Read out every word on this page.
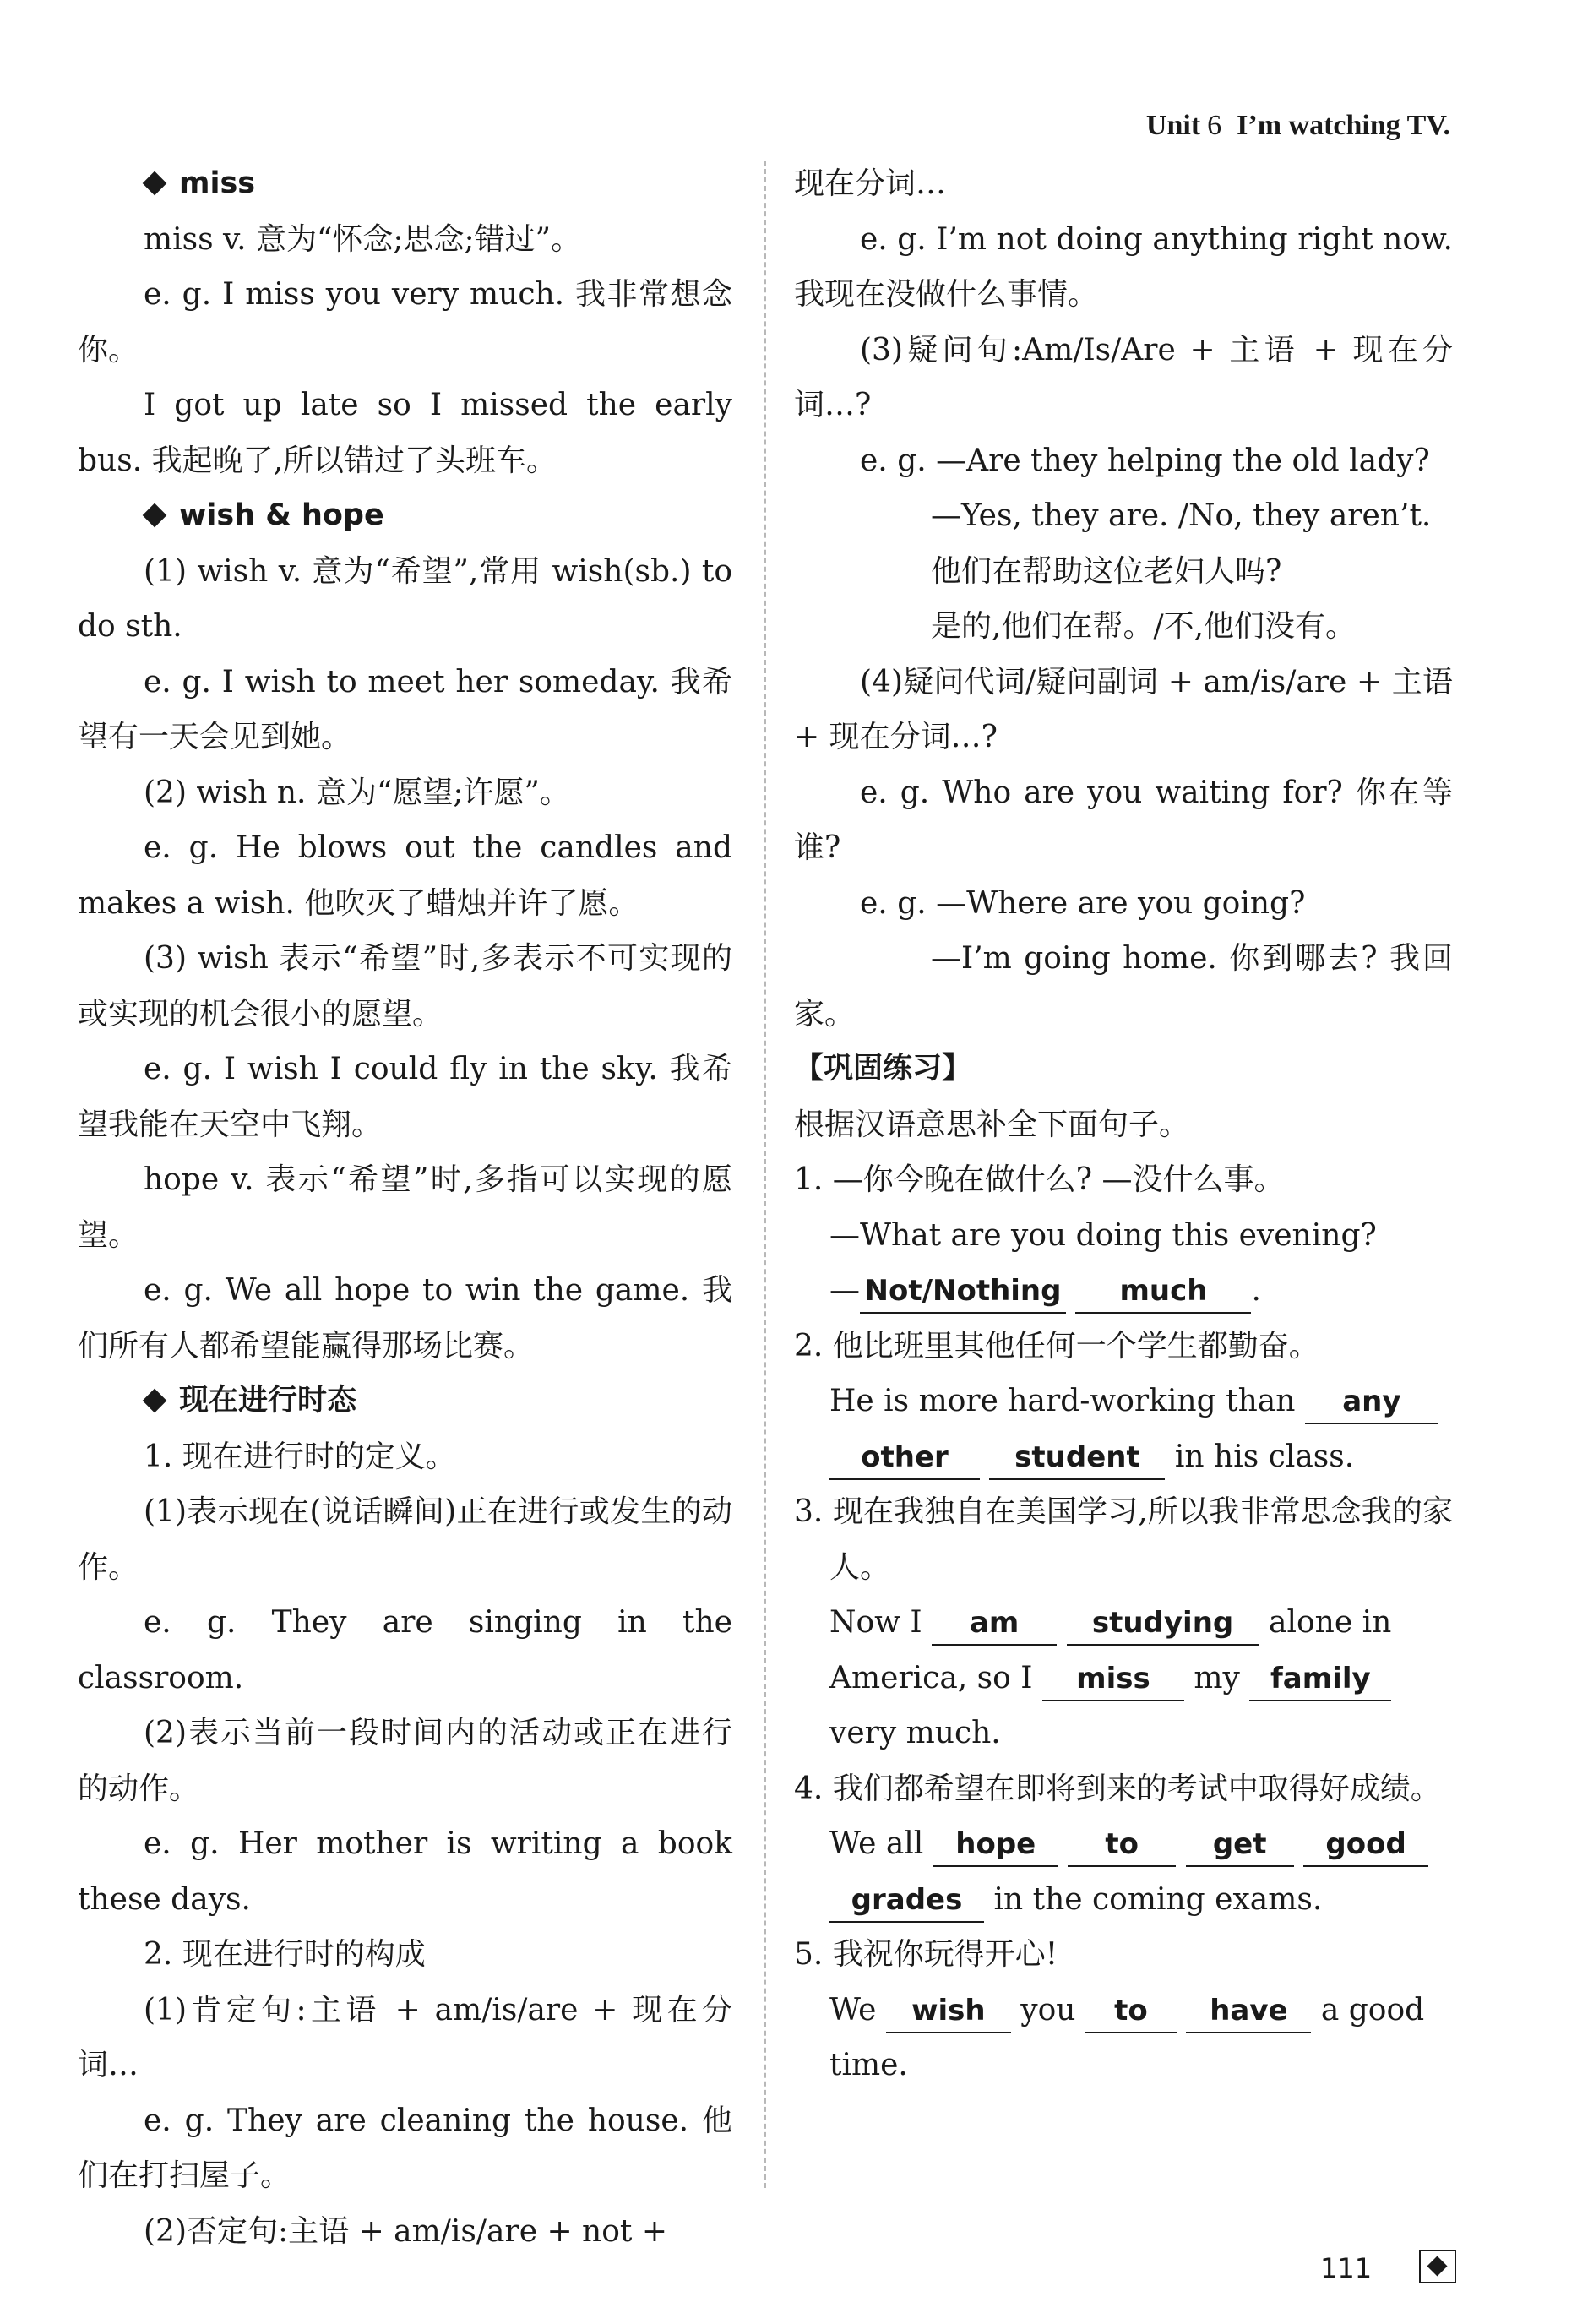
Unit 6 I’m watching TV.

miss

miss v. 意为“怀念;思念;错过”。

e. g. I miss you very much. 我非常想念你。

I got up late so I missed the early bus. 我起晚了,所以错过了头班车。

wish & hope

(1) wish v. 意为“希望”,常用 wish(sb.) to do sth.

e. g. I wish to meet her someday. 我希望有一天会见到她。

(2) wish n. 意为“愿望;许愿”。

e. g. He blows out the candles and makes a wish. 他吹灭了蜡烛并许了愿。

(3) wish 表示“希望”时,多表示不可实现的或实现的机会很小的愿望。

e. g. I wish I could fly in the sky. 我希望我能在天空中飞翔。

hope v. 表示“希望”时,多指可以实现的愿望。

e. g. We all hope to win the game. 我们所有人都希望能赢得那场比赛。

现在进行时态

1. 现在进行时的定义。

(1)表示现在(说话瞬间)正在进行或发生的动作。

e. g. They are singing in the classroom.

(2)表示当前一段时间内的活动或正在进行的动作。

e. g. Her mother is writing a book these days.

2. 现在进行时的构成

(1)肯定句:主语 + am/is/are + 现在分词…

e. g. They are cleaning the house. 他们在打扫屋子。

(2)否定句:主语 + am/is/are + not +

现在分词…

e. g. I’m not doing anything right now. 我现在没做什么事情。

(3)疑问句:Am/Is/Are + 主语 + 现在分词…?

e. g. —Are they helping the old lady?

—Yes, they are. /No, they aren’t.

他们在帮助这位老妇人吗?

是的,他们在帮。/不,他们没有。

(4)疑问代词/疑问副词 + am/is/are + 主语 + 现在分词…?

e. g. Who are you waiting for? 你在等谁?

e. g. —Where are you going?

—I’m going home. 你到哪去? 我回家。

【巩固练习】

根据汉语意思补全下面句子。

1. —你今晚在做什么? —没什么事。

—What are you doing this evening?

— Not/Nothing much .

2. 他比班里其他任何一个学生都勤奋。

He is more hard-working than any

other student in his class.

3. 现在我独自在美国学习,所以我非常思念我的家人。

Now I am	studying alone in

America, so I miss my family

very much.

4. 我们都希望在即将到来的考试中取得好成绩。

We all hope to	get good

grades in the coming exams.

5. 我祝你玩得开心!

We wish you to have a good

time.

111
